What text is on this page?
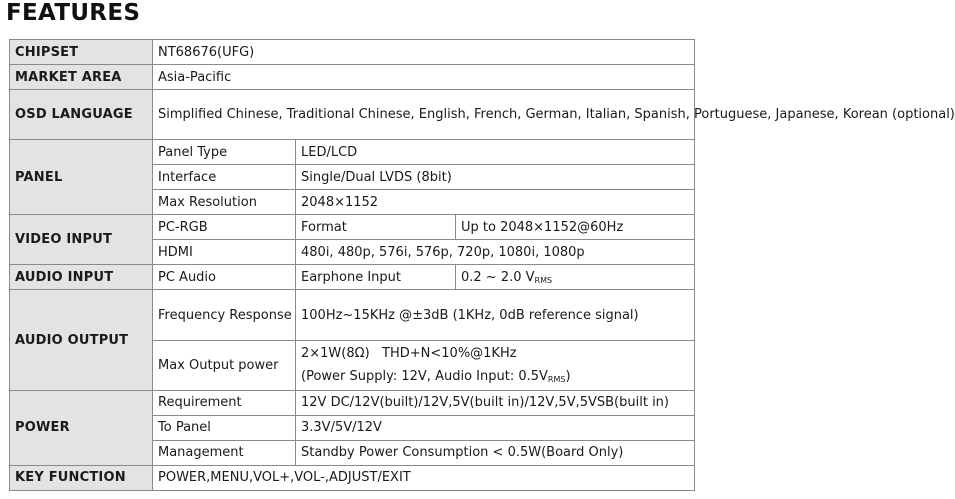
FEATURES
CHIPSET	NT68676(UFG)		
MARKET AREA	Asia-Pacific		
OSD LANGUAGE	Simplified Chinese, Traditional Chinese, English, French, German, Italian, Spanish, Portuguese, Japanese, Korean (optional)		
PANEL	Panel Type	LED/LCD	
	Interface	Single/Dual LVDS (8bit)	
	Max Resolution	2048×1152	
VIDEO INPUT	PC-RGB	Format	Up to 2048×1152@60Hz
	HDMI	480i, 480p, 576i, 576p, 720p, 1080i, 1080p	
AUDIO INPUT	PC Audio	Earphone Input	0.2 ~ 2.0 $V_{RMS}$
AUDIO OUTPUT	Frequency Response	100Hz~15KHz @±3dB (1KHz, 0dB reference signal)	
	Max Output power	2×1W(8Ω)   THD+N<10%@1KHz
(Power Supply: 12V, Audio Input: $0.5V_{RMS}$)	

POWER	Requirement	12V DC/12V(built)/12V,5V(built in)/12V,5V,5VSB(built in)	
	To Panel	3.3V/5V/12V	
	Management	Standby Power Consumption < 0.5W(Board Only)	
KEY FUNCTION	POWER,MENU,VOL+,VOL-,ADJUST/EXIT		
